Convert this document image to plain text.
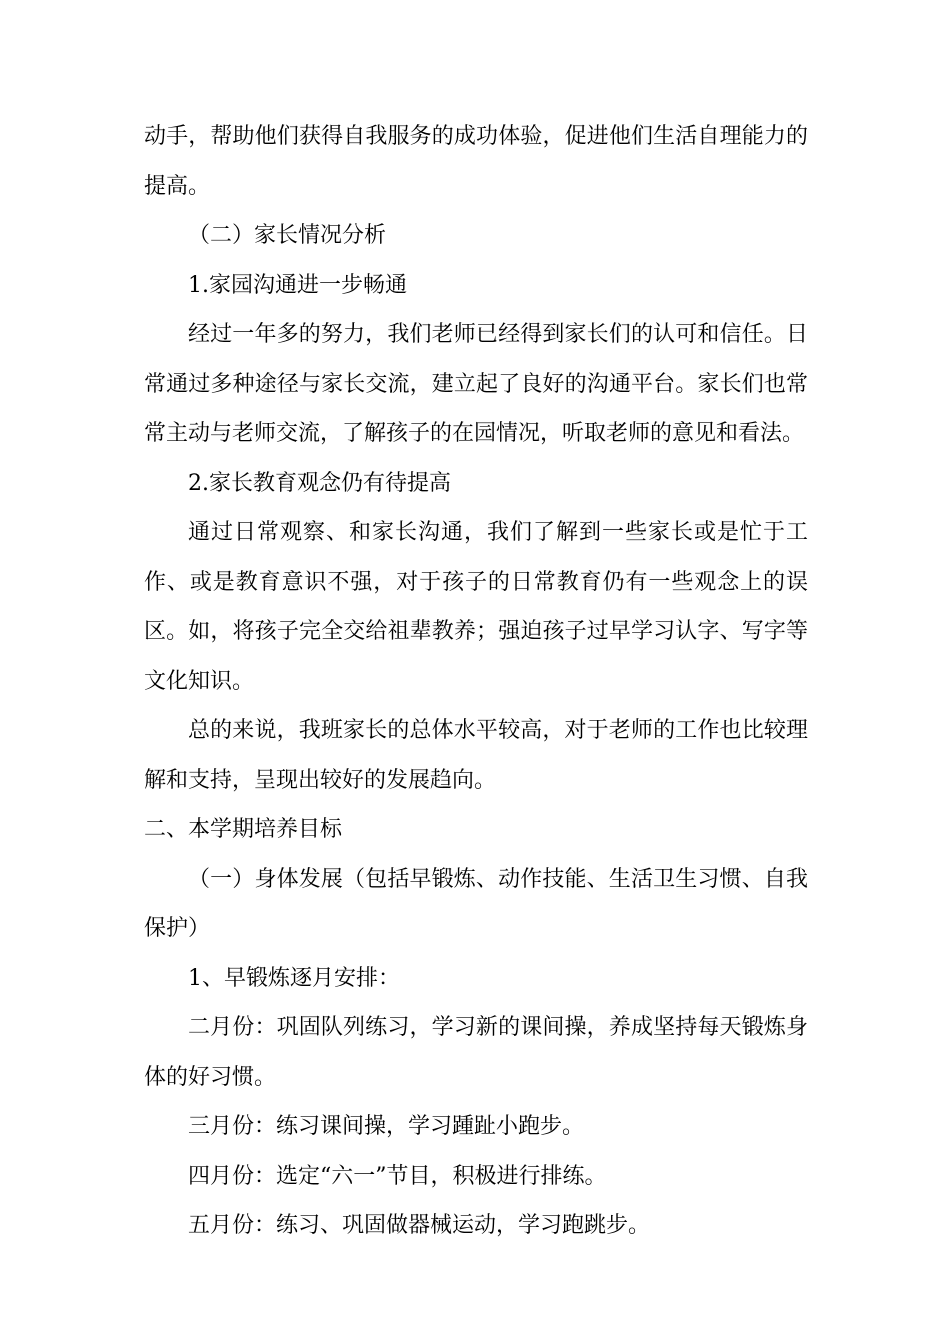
动手，帮助他们获得自我服务的成功体验，促进他们生活自理能力的提高。

（二）家长情况分析

1.家园沟通进一步畅通

经过一年多的努力，我们老师已经得到家长们的认可和信任。日常通过多种途径与家长交流，建立起了良好的沟通平台。家长们也常常主动与老师交流，了解孩子的在园情况，听取老师的意见和看法。

2.家长教育观念仍有待提高

通过日常观察、和家长沟通，我们了解到一些家长或是忙于工作、或是教育意识不强，对于孩子的日常教育仍有一些观念上的误区。如，将孩子完全交给祖辈教养；强迫孩子过早学习认字、写字等文化知识。

总的来说，我班家长的总体水平较高，对于老师的工作也比较理解和支持，呈现出较好的发展趋向。

二、本学期培养目标

（一）身体发展（包括早锻炼、动作技能、生活卫生习惯、自我保护）

1、早锻炼逐月安排：

二月份：巩固队列练习，学习新的课间操，养成坚持每天锻炼身体的好习惯。

三月份：练习课间操，学习踵趾小跑步。

四月份：选定“六一”节目，积极进行排练。

五月份：练习、巩固做器械运动，学习跑跳步。
